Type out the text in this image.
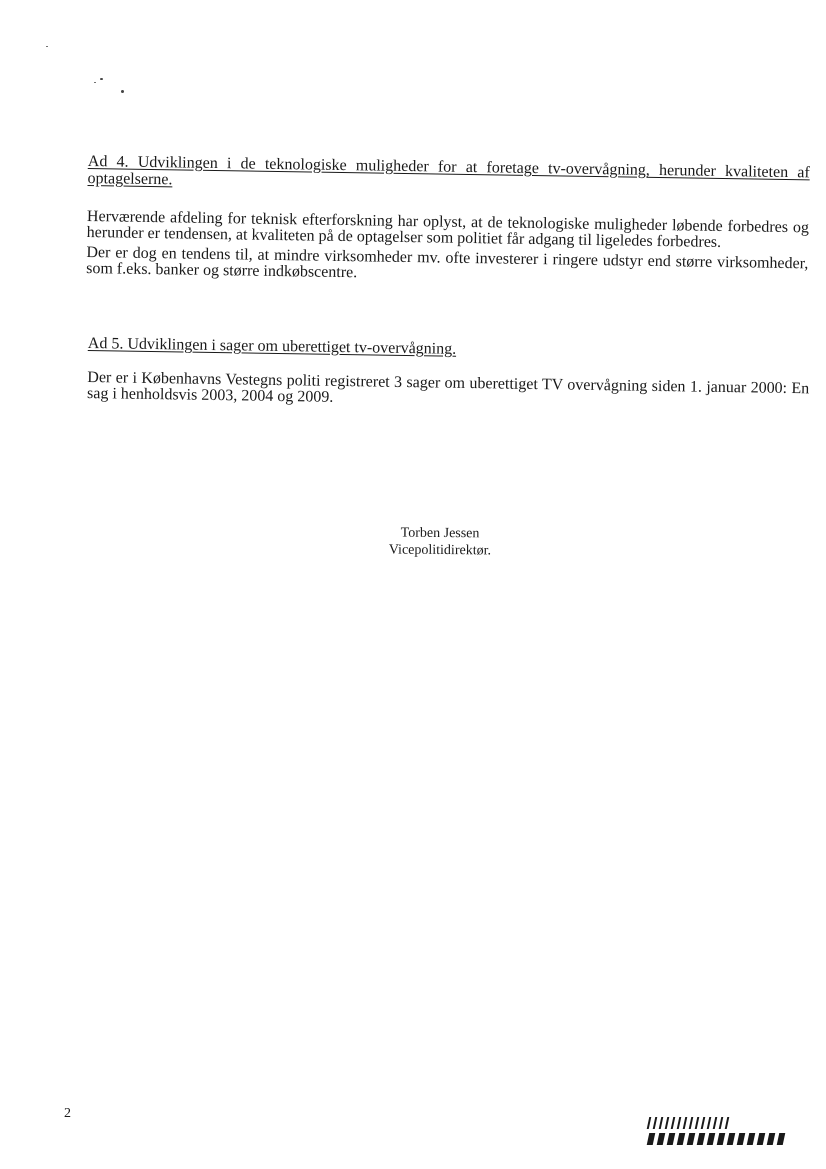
Ad 4. Udviklingen i de teknologiske muligheder for at foretage tv-overvågning, herunder kvaliteten af optagelserne.

Herværende afdeling for teknisk efterforskning har oplyst, at de teknologiske muligheder løbende forbedres og herunder er tendensen, at kvaliteten på de optagelser som politiet får adgang til ligeledes forbedres.

Der er dog en tendens til, at mindre virksomheder mv. ofte investerer i ringere udstyr end større virksomheder, som f.eks. banker og større indkøbscentre.

Ad 5. Udviklingen i sager om uberettiget tv-overvågning.

Der er i Københavns Vestegns politi registreret 3 sager om uberettiget TV overvågning siden 1. januar 2000: En sag i henholdsvis 2003, 2004 og 2009.

Torben Jessen
Vicepolitidirektør.
2
